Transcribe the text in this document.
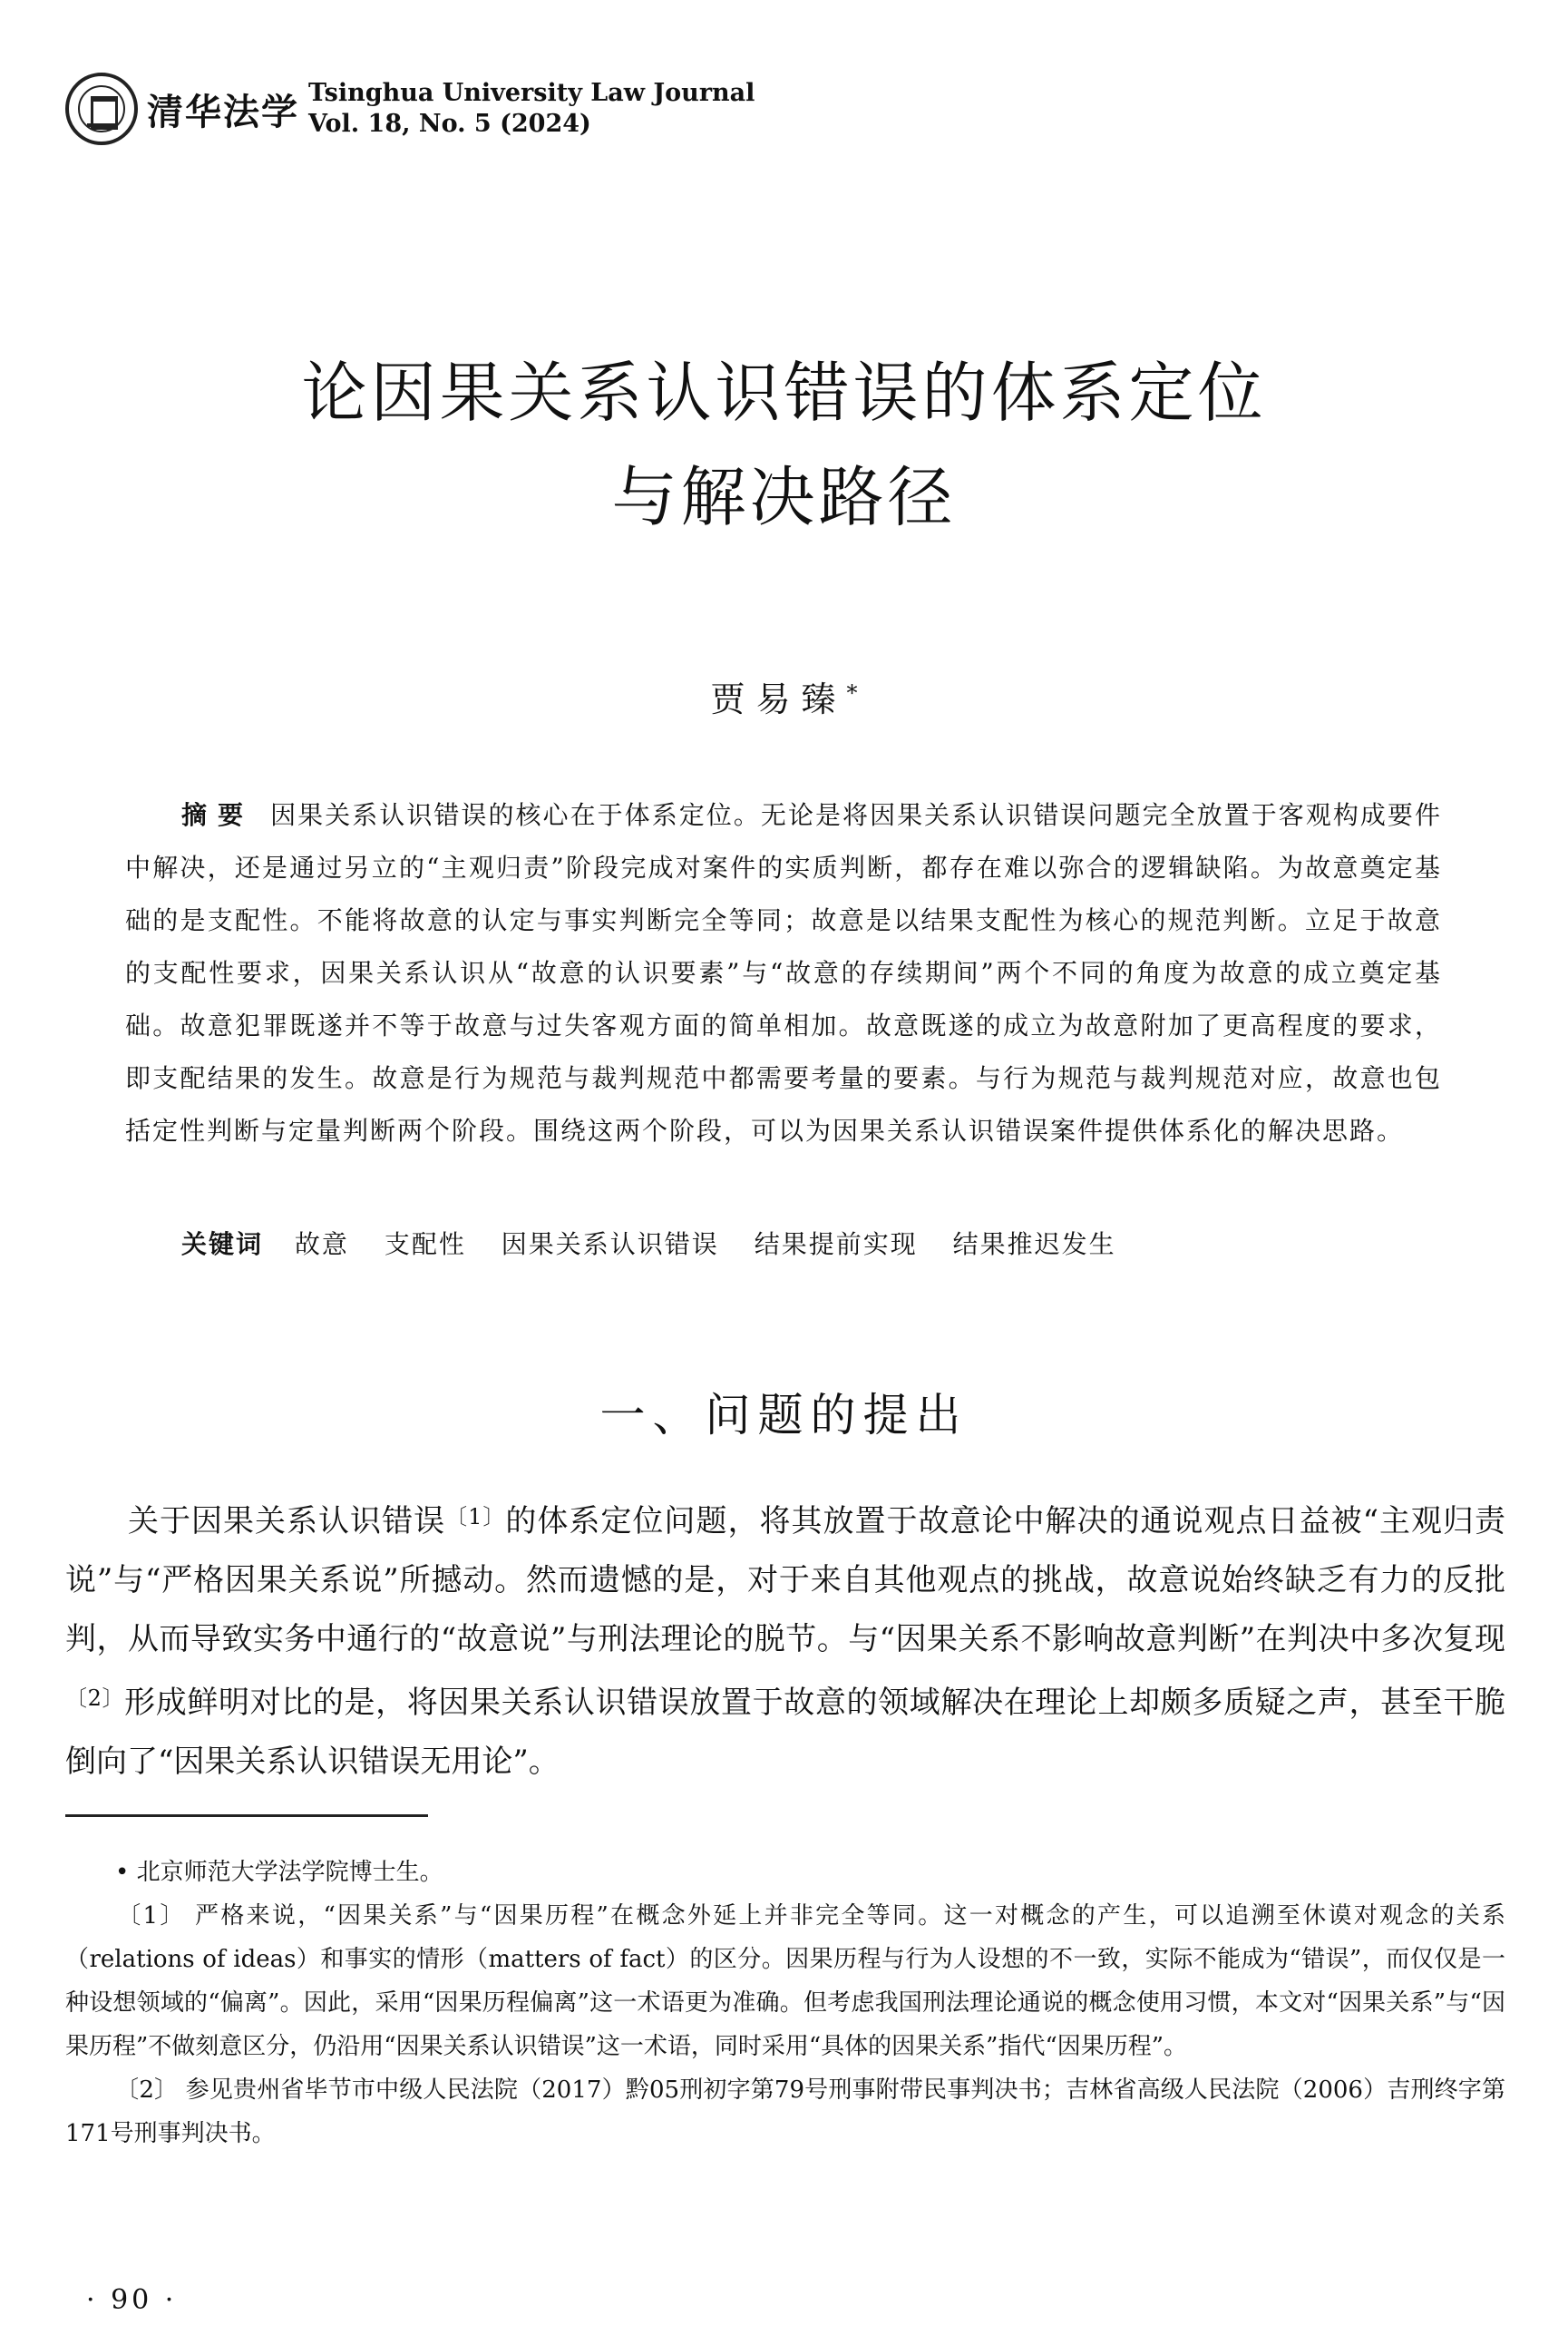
清华法学 Tsinghua University Law Journal
Vol. 18, No. 5 (2024)
论因果关系认识错误的体系定位
与解决路径
贾易臻*
摘要 因果关系认识错误的核心在于体系定位。无论是将因果关系认识错误问题完全放置于客观构成要件中解决，还是通过另立的“主观归责”阶段完成对案件的实质判断，都存在难以弥合的逻辑缺陷。为故意奠定基础的是支配性。不能将故意的认定与事实判断完全等同；故意是以结果支配性为核心的规范判断。立足于故意的支配性要求，因果关系认识从“故意的认识要素”与“故意的存续期间”两个不同的角度为故意的成立奠定基础。故意犯罪既遂并不等于故意与过失客观方面的简单相加。故意既遂的成立为故意附加了更高程度的要求，即支配结果的发生。故意是行为规范与裁判规范中都需要考量的要素。与行为规范与裁判规范对应，故意也包括定性判断与定量判断两个阶段。围绕这两个阶段，可以为因果关系认识错误案件提供体系化的解决思路。
关键词 故意 支配性 因果关系认识错误 结果提前实现 结果推迟发生
一、问题的提出
关于因果关系认识错误$^{〔1〕}$的体系定位问题，将其放置于故意论中解决的通说观点日益被“主观归责说”与“严格因果关系说”所撼动。然而遗憾的是，对于来自其他观点的挑战，故意说始终缺乏有力的反批判，从而导致实务中通行的“故意说”与刑法理论的脱节。与“因果关系不影响故意判断”在判决中多次复现$^{〔2〕}$形成鲜明对比的是，将因果关系认识错误放置于故意的领域解决在理论上却颇多质疑之声，甚至干脆倒向了“因果关系认识错误无用论”。

• 北京师范大学法学院博士生。

〔1〕 严格来说，“因果关系”与“因果历程”在概念外延上并非完全等同。这一对概念的产生，可以追溯至休谟对观念的关系（relations of ideas）和事实的情形（matters of fact）的区分。因果历程与行为人设想的不一致，实际不能成为“错误”，而仅仅是一种设想领域的“偏离”。因此，采用“因果历程偏离”这一术语更为准确。但考虑我国刑法理论通说的概念使用习惯，本文对“因果关系”与“因果历程”不做刻意区分，仍沿用“因果关系认识错误”这一术语，同时采用“具体的因果关系”指代“因果历程”。

〔2〕 参见贵州省毕节市中级人民法院（2017）黔05刑初字第79号刑事附带民事判决书；吉林省高级人民法院（2006）吉刑终字第171号刑事判决书。

· 90 ·
